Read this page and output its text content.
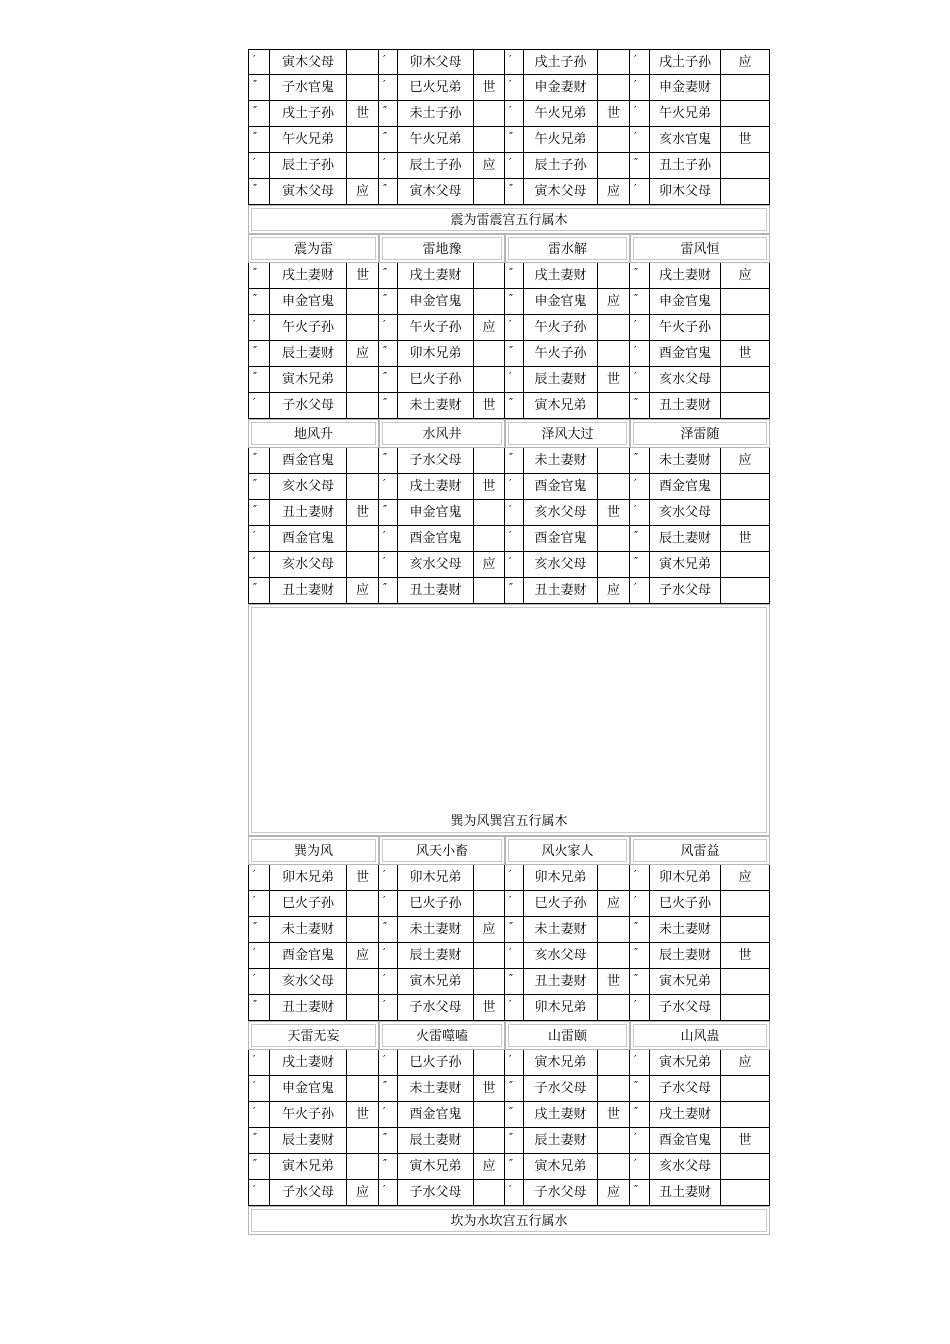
′	寅木父母	′	卯木父母	′	戌土子孙	′	戌土子孙	应
″	子水官鬼	′	巳火兄弟	世	′	申金妻财	′	申金妻财
″	戌土子孙	世	″	未土子孙	′	午火兄弟	世	′	午火兄弟
″	午火兄弟	″	午火兄弟	″	午火兄弟	′	亥水官鬼	世
′	辰土子孙	′	辰土子孙	应	′	辰土子孙	″	丑土子孙
″	寅木父母	应	″	寅木父母	″	寅木父母	应	′	卯木父母
震为雷震宫五行属木
震为雷	雷地豫	雷水解	雷风恒
″	戌土妻财	世	″	戌土妻财	″	戌土妻财	″	戌土妻财	应
″	申金官鬼	″	申金官鬼	″	申金官鬼	应	″	申金官鬼
′	午火子孙	′	午火子孙	应	′	午火子孙	′	午火子孙
″	辰土妻财	应	″	卯木兄弟	″	午火子孙	′	酉金官鬼	世
″	寅木兄弟	″	巳火子孙	′	辰土妻财	世	′	亥水父母
′	子水父母	″	未土妻财	世	″	寅木兄弟	″	丑土妻财
地风升	水风井	泽风大过	泽雷随
″	酉金官鬼	″	子水父母	″	未土妻财	″	未土妻财	应
″	亥水父母	′	戌土妻财	世	′	酉金官鬼	′	酉金官鬼
″	丑土妻财	世	″	申金官鬼	′	亥水父母	世	′	亥水父母
′	酉金官鬼	′	酉金官鬼	′	酉金官鬼	″	辰土妻财	世
′	亥水父母	′	亥水父母	应	′	亥水父母	″	寅木兄弟
″	丑土妻财	应	″	丑土妻财	″	丑土妻财	应	′	子水父母
巽为风巽宫五行属木
巽为风	风天小畜	风火家人	风雷益
′	卯木兄弟	世	′	卯木兄弟	′	卯木兄弟	′	卯木兄弟	应
′	巳火子孙	′	巳火子孙	′	巳火子孙	应	′	巳火子孙
″	未土妻财	″	未土妻财	应	″	未土妻财	″	未土妻财
′	酉金官鬼	应	′	辰土妻财	′	亥水父母	″	辰土妻财	世
′	亥水父母	′	寅木兄弟	″	丑土妻财	世	″	寅木兄弟
″	丑土妻财	′	子水父母	世	′	卯木兄弟	′	子水父母
天雷无妄	火雷噬嗑	山雷颐	山风蛊
′	戌土妻财	′	巳火子孙	′	寅木兄弟	′	寅木兄弟	应
′	申金官鬼	″	未土妻财	世	″	子水父母	″	子水父母
′	午火子孙	世	′	酉金官鬼	″	戌土妻财	世	″	戌土妻财
″	辰土妻财	″	辰土妻财	″	辰土妻财	′	酉金官鬼	世
″	寅木兄弟	″	寅木兄弟	应	″	寅木兄弟	′	亥水父母
′	子水父母	应	′	子水父母	′	子水父母	应	″	丑土妻财
坎为水坎宫五行属水
